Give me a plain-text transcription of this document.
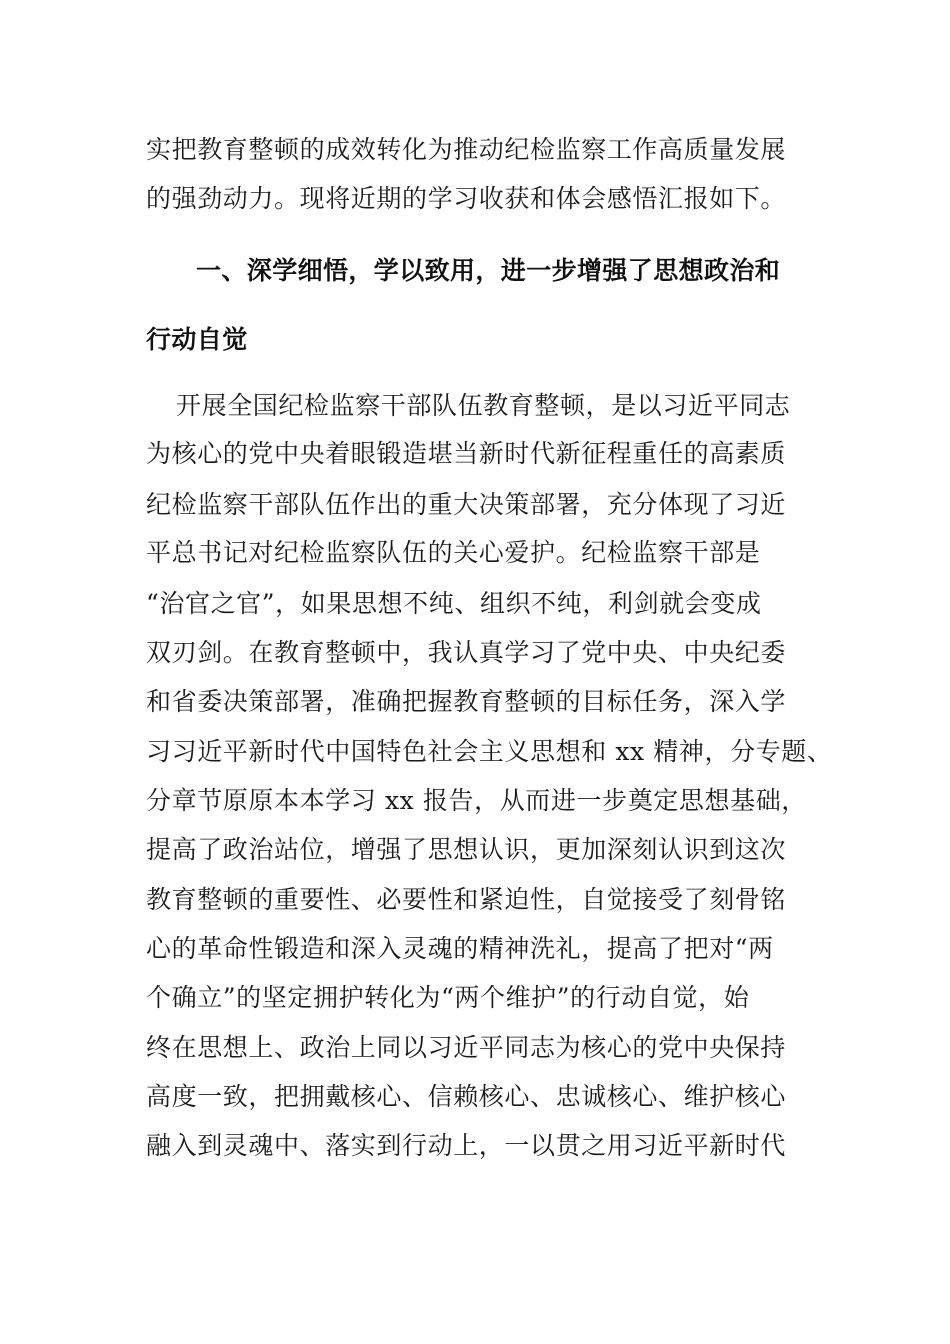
实把教育整顿的成效转化为推动纪检监察工作高质量发展
的强劲动力。现将近期的学习收获和体会感悟汇报如下。
一、深学细悟，学以致用，进一步增强了思想政治和
行动自觉
开展全国纪检监察干部队伍教育整顿，是以习近平同志
为核心的党中央着眼锻造堪当新时代新征程重任的高素质
纪检监察干部队伍作出的重大决策部署，充分体现了习近
平总书记对纪检监察队伍的关心爱护。纪检监察干部是
“治官之官”，如果思想不纯、组织不纯，利剑就会变成
双刃剑。在教育整顿中，我认真学习了党中央、中央纪委
和省委决策部署，准确把握教育整顿的目标任务，深入学
习习近平新时代中国特色社会主义思想和 xx 精神，分专题、
分章节原原本本学习 xx 报告，从而进一步奠定思想基础，
提高了政治站位，增强了思想认识，更加深刻认识到这次
教育整顿的重要性、必要性和紧迫性，自觉接受了刻骨铭
心的革命性锻造和深入灵魂的精神洗礼，提高了把对“两
个确立”的坚定拥护转化为“两个维护”的行动自觉，始
终在思想上、政治上同以习近平同志为核心的党中央保持
高度一致，把拥戴核心、信赖核心、忠诚核心、维护核心
融入到灵魂中、落实到行动上，一以贯之用习近平新时代
